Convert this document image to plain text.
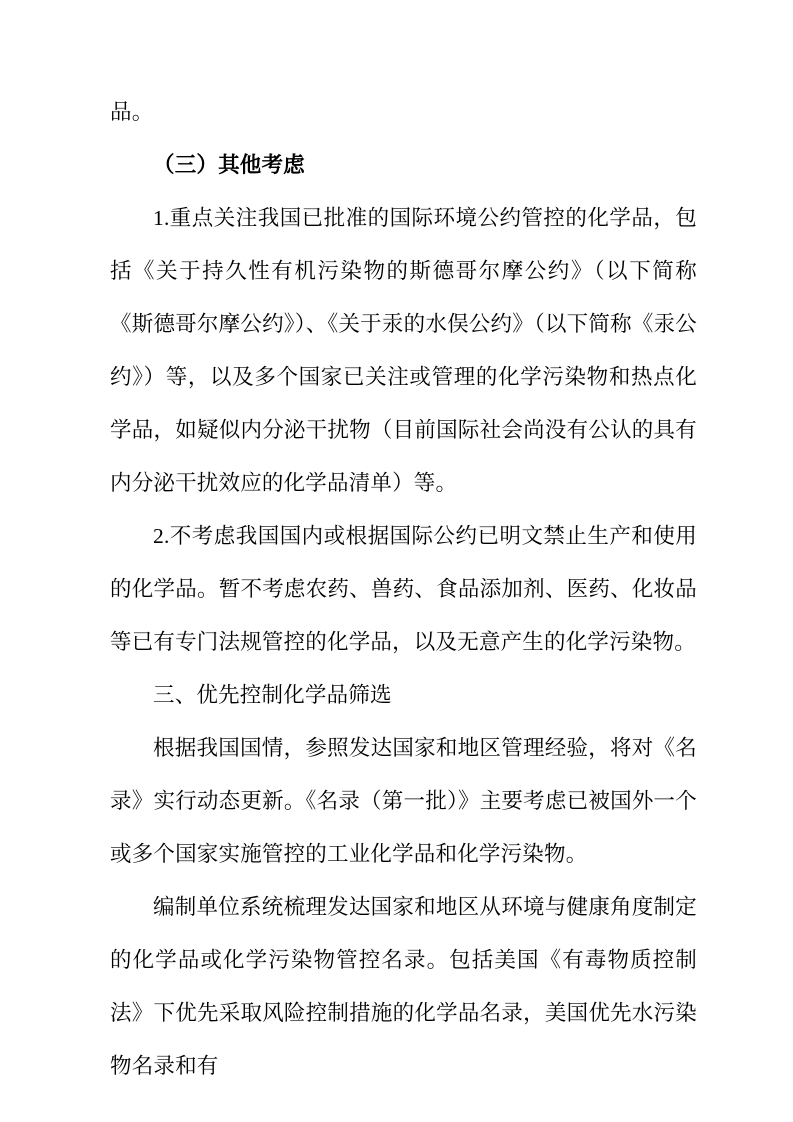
品。

（三）其他考虑

1.重点关注我国已批准的国际环境公约管控的化学品，包括《关于持久性有机污染物的斯德哥尔摩公约》（以下简称《斯德哥尔摩公约》）、《关于汞的水俣公约》（以下简称《汞公约》）等，以及多个国家已关注或管理的化学污染物和热点化学品，如疑似内分泌干扰物（目前国际社会尚没有公认的具有内分泌干扰效应的化学品清单）等。

2.不考虑我国国内或根据国际公约已明文禁止生产和使用的化学品。暂不考虑农药、兽药、食品添加剂、医药、化妆品等已有专门法规管控的化学品，以及无意产生的化学污染物。

三、优先控制化学品筛选

根据我国国情，参照发达国家和地区管理经验，将对《名录》实行动态更新。《名录（第一批）》主要考虑已被国外一个或多个国家实施管控的工业化学品和化学污染物。

编制单位系统梳理发达国家和地区从环境与健康角度制定的化学品或化学污染物管控名录。包括美国《有毒物质控制法》下优先采取风险控制措施的化学品名录，美国优先水污染物名录和有
